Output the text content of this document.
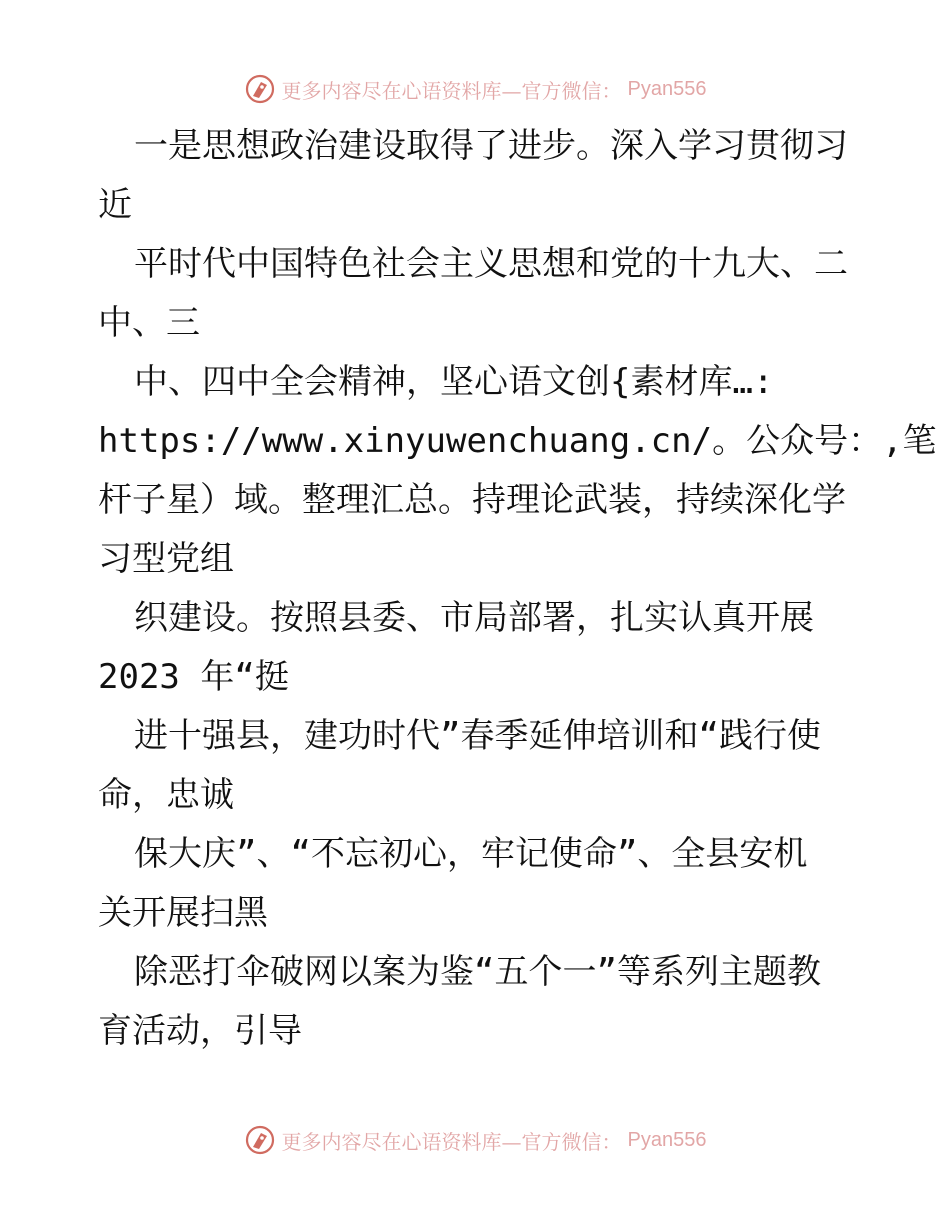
更多内容尽在心语资料库—官方微信： Pyan556
一是思想政治建设取得了进步。深入学习贯彻习
近
平时代中国特色社会主义思想和党的十九大、二
中、三
中、四中全会精神，坚心语文创{素材库…:
https://www.xinyuwenchuang.cn/。公众号：,笔
杆子星）域。整理汇总。持理论武装，持续深化学
习型党组
织建设。按照县委、市局部署，扎实认真开展
2023 年“挺
进十强县，建功时代”春季延伸培训和“践行使
命，忠诚
保大庆”、“不忘初心，牢记使命”、全县安机
关开展扫黑
除恶打伞破网以案为鉴“五个一”等系列主题教
育活动，引导
更多内容尽在心语资料库—官方微信： Pyan556
